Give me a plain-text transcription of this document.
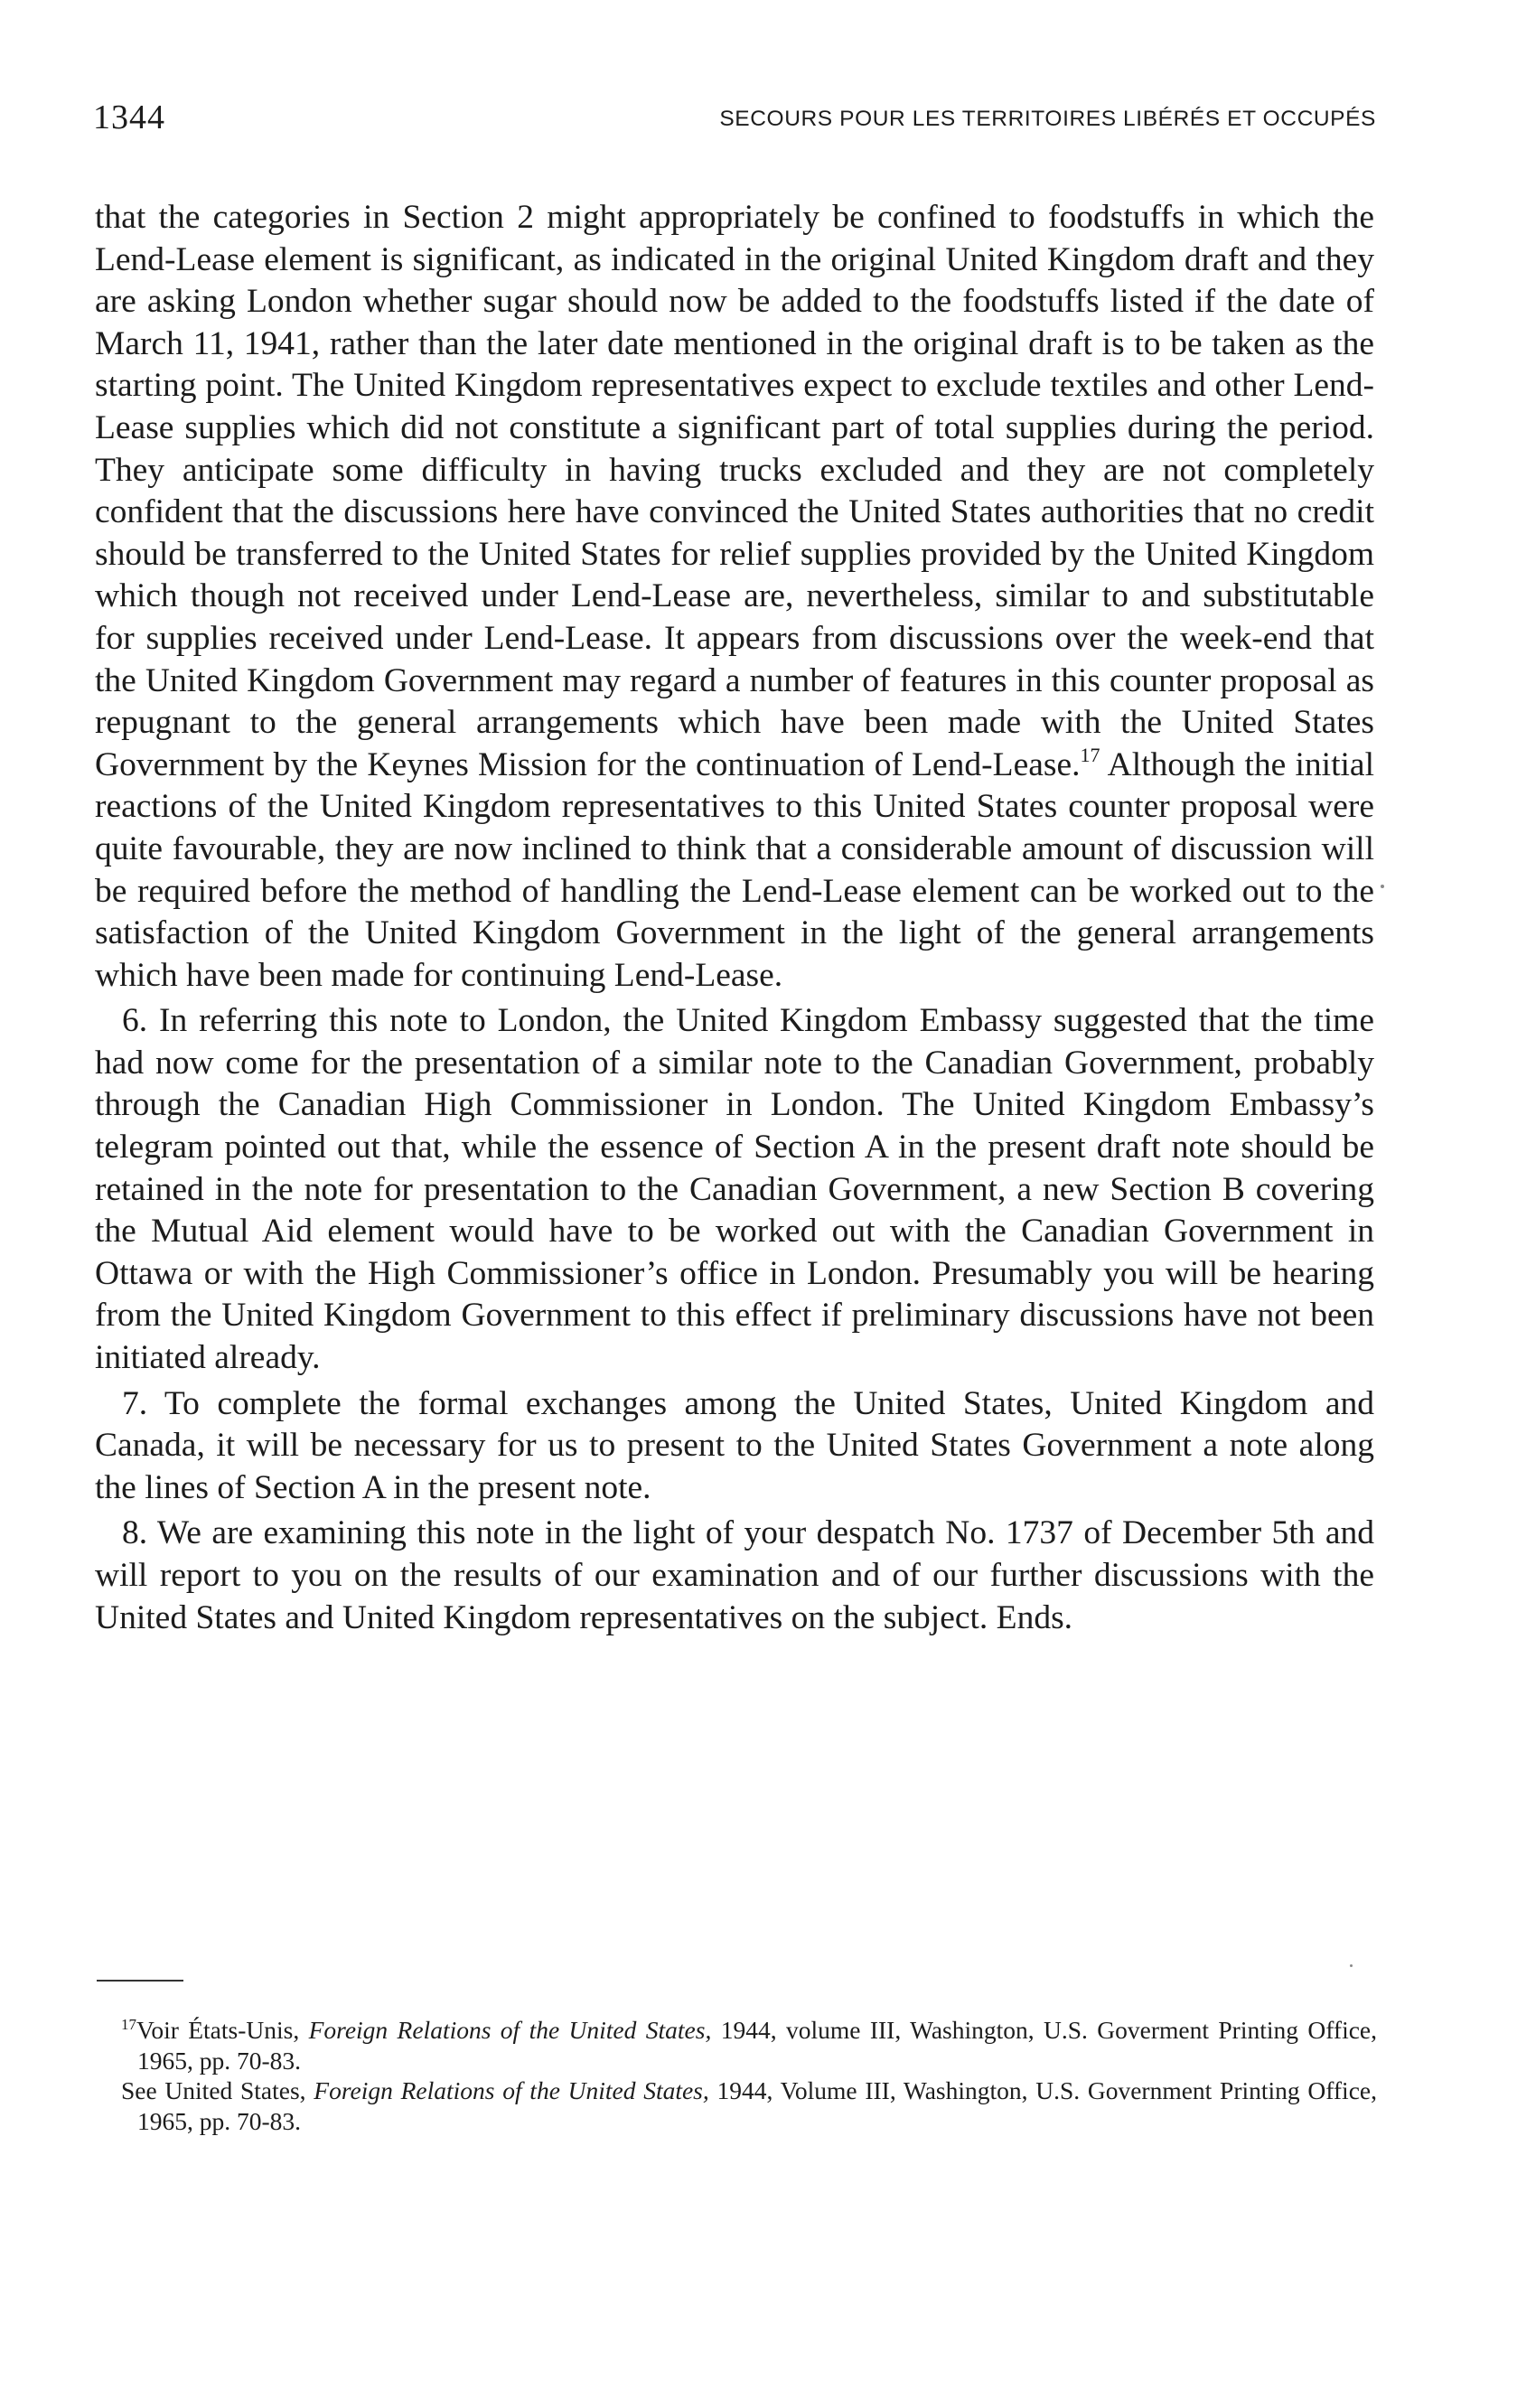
1344	SECOURS POUR LES TERRITOIRES LIBÉRÉS ET OCCUPÉS

that the categories in Section 2 might appropriately be confined to foodstuffs in which the Lend-Lease element is significant, as indicated in the original United Kingdom draft and they are asking London whether sugar should now be added to the foodstuffs listed if the date of March 11, 1941, rather than the later date mentioned in the original draft is to be taken as the starting point. The United Kingdom representatives expect to exclude textiles and other Lend-Lease supplies which did not constitute a significant part of total supplies during the period. They anticipate some difficulty in having trucks excluded and they are not completely confident that the discussions here have convinced the United States authorities that no credit should be transferred to the United States for relief supplies provided by the United Kingdom which though not received under Lend-Lease are, nevertheless, similar to and substitutable for supplies received under Lend-Lease. It appears from discussions over the week-end that the United Kingdom Government may regard a number of features in this counter proposal as repugnant to the general arrangements which have been made with the United States Government by the Keynes Mission for the continuation of Lend-Lease.$^{17}$ Although the initial reactions of the United Kingdom representatives to this United States counter proposal were quite favourable, they are now inclined to think that a considerable amount of discussion will be required before the method of handling the Lend-Lease element can be worked out to the satisfaction of the United Kingdom Government in the light of the general arrangements which have been made for continuing Lend-Lease.

6. In referring this note to London, the United Kingdom Embassy suggested that the time had now come for the presentation of a similar note to the Canadian Government, probably through the Canadian High Commissioner in London. The United Kingdom Embassy’s telegram pointed out that, while the essence of Section A in the present draft note should be retained in the note for presentation to the Canadian Government, a new Section B covering the Mutual Aid element would have to be worked out with the Canadian Government in Ottawa or with the High Commissioner’s office in London. Presumably you will be hearing from the United Kingdom Government to this effect if preliminary discussions have not been initiated already.

7. To complete the formal exchanges among the United States, United Kingdom and Canada, it will be necessary for us to present to the United States Government a note along the lines of Section A in the present note.

8. We are examining this note in the light of your despatch No. 1737 of December 5th and will report to you on the results of our examination and of our further discussions with the United States and United Kingdom representatives on the subject. Ends.

$^{17}$Voir États-Unis, Foreign Relations of the United States, 1944, volume III, Washington, U.S. Goverment Printing Office, 1965, pp. 70-83.

See United States, Foreign Relations of the United States, 1944, Volume III, Washington, U.S. Government Printing Office, 1965, pp. 70-83.
